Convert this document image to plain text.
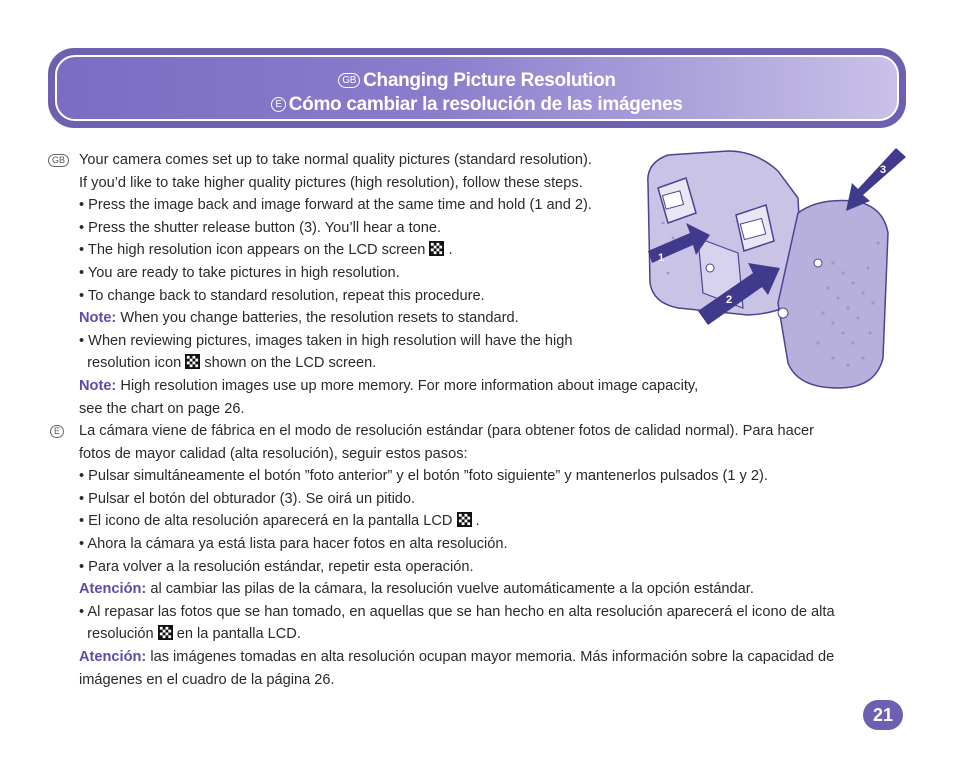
GB Changing Picture Resolution
E Cómo cambiar la resolución de las imágenes
GB Your camera comes set up to take normal quality pictures (standard resolution).

If you’d like to take higher quality pictures (high resolution), follow these steps.

• Press the image back and image forward at the same time and hold (1 and 2).

• Press the shutter release button (3). You’ll hear a tone.

• The high resolution icon appears on the LCD screen .

• You are ready to take pictures in high resolution.

• To change back to standard resolution, repeat this procedure.

Note: When you change batteries, the resolution resets to standard.

• When reviewing pictures, images taken in high resolution will have the high

resolution icon  shown on the LCD screen.

Note: High resolution images use up more memory. For more information about image capacity,

see the chart on page 26.

E La cámara viene de fábrica en el modo de resolución estándar (para obtener fotos de calidad normal). Para hacer

fotos de mayor calidad (alta resolución), seguir estos pasos:

• Pulsar simultáneamente el botón ”foto anterior” y el botón ”foto siguiente” y mantenerlos pulsados (1 y 2).

• Pulsar el botón del obturador (3). Se oirá un pitido.

• El icono de alta resolución aparecerá en la pantalla LCD .

• Ahora la cámara ya está lista para hacer fotos en alta resolución.

• Para volver a la resolución estándar, repetir esta operación.

Atención: al cambiar las pilas de la cámara, la resolución vuelve automáticamente a la opción estándar.

• Al repasar las fotos que se han tomado, en aquellas que se han hecho en alta resolución aparecerá el icono de alta

resolución  en la pantalla LCD.

Atención: las imágenes tomadas en alta resolución ocupan mayor memoria. Más información sobre la capacidad de

imágenes en el cuadro de la página 26.

1
2
3
21
